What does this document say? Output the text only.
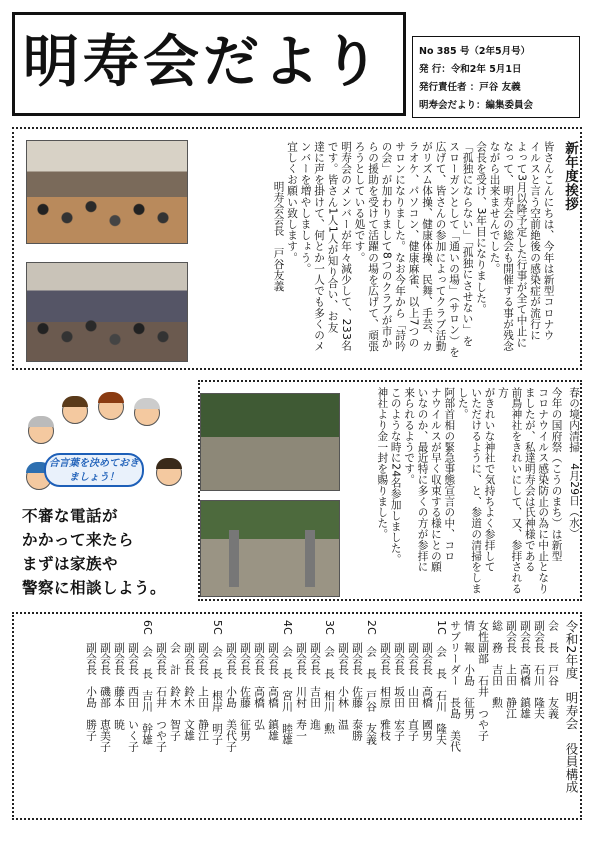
明寿会だより	No 385 号（2年5月号）
発 行：令和2年 5月1日
発行責任者 ：戸谷 友義
明寿会だより：編集委員会
新年度挨拶
皆さんこんにちは、今年は新型コロナウ
イルスと言う空前絶後の感染症が流行に
よって3月以降予定した行事が全て中止に
なって、明寿会の総会も開催する事が残念
ながら出来ませんでした。
会長を受け、3年目になりました。
「孤独にならない」「孤独にさせない」を
スローガンとして「通いの場」（サロン）を
広げて、皆さんの参加によってクラブ活動
がリズム体操、健康体操、民舞、手芸、カ
ラオケ、パソコン、健康麻雀、以上7つの
サロンになりました。なお今年から「詩吟
の会」が加わりまして8つのクラブが市か
らの援助を受けて活躍の場を広げて、頑張
ろうとしている処です。
明寿会のメンバーが年々減少して、233名
です。皆さん1人1人が知り合い、お友
達に声を掛けて、何とか一人でも多くのメ
ンバーを増やしましょう。
宜しくお願い致します。
明寿会会長　戸谷友義
合言葉を決めておきましょう！
不審な電話が
かかって来たら
まずは家族や
警察に相談しよう。
春の境内清掃　4月29日（水）
今年の国府祭（こうのまち）は新型
コロナウイルス感染防止の為に中止となり
ましたが、私達明寿会は氏神様である
前鳥神社をきれいにして、又、参拝される方
がきれいな神社で気持ちよく参拝して
いただけるように、と、参道の清掃をしま
した。
阿部首相の緊急事態宣言の中、コロ
ナウイルスが早く収束する様にとの願
いなのか、最近特に多くの方が参拝に
来られるようです。
このような時に24名参加しました。
神社より金一封を賜りました。
令和2年度　明寿会　役員構成
会　長　戸谷　友義
副会長　石川　隆夫
副会長　高橋　鎮雄
副会長　上田　静江
総　務　吉田　勲
女性副部　石井　つや子
情　報　小島　征男
サブリーダー　長島　美代
1C　会　長　石川　隆夫
　　副会長　高橋　國男
　　副会長　山田　直子
　　副会長　坂田　宏子
　　副会長　相原　雅枝
2C　会　長　戸谷　友義
　　副会長　佐藤　泰勝
　　副会長　小林　温
3C　会　長　相川　勲
　　副会長　吉田　進
　　副会長　川村　寿一
4C　会　長　宮川　睦雄
　　副会長　高橋　鎮雄
　　副会長　高橋　弘
　　副会長　佐藤　征男
　　副会長　小島　美代子
5C　会　長　根岸　明子
　　副会長　上田　静江
　　副会長　鈴木　文雄
　　会　計　鈴木　智子
　　副会長　石井　つや子
6C　会　長　吉川　幹雄
　　副会長　西田　いく子
　　副会長　藤本　暁
　　副会長　磯部　恵美子
　　副会長　小島　勝子
